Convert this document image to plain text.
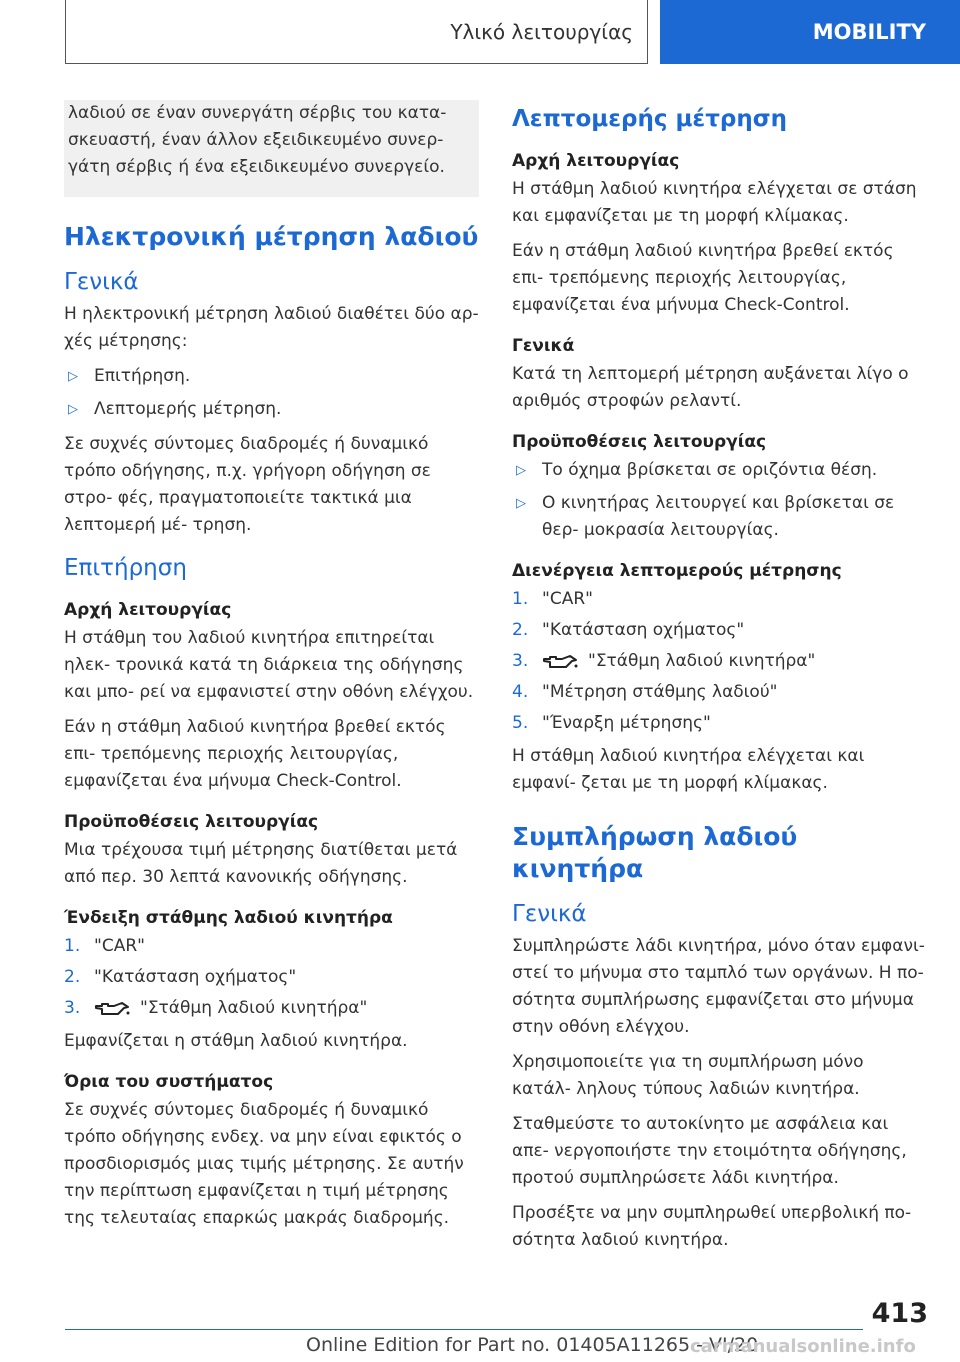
Υλικό λειτουργίας	MOBILITY

λαδιού σε έναν συνεργάτη σέρβις του κατα- σκευαστή, έναν άλλον εξειδικευμένο συνερ- γάτη σέρβις ή ένα εξειδικευμένο συνεργείο.

Ηλεκτρονική μέτρηση λαδιού
Γενικά

Η ηλεκτρονική μέτρηση λαδιού διαθέτει δύο αρ- χές μέτρησης:

▷ Επιτήρηση.
▷ Λεπτομερής μέτρηση.

Σε συχνές σύντομες διαδρομές ή δυναμικό τρόπο οδήγησης, π.χ. γρήγορη οδήγηση σε στρο- φές, πραγματοποιείτε τακτικά μια λεπτομερή μέ- τρηση.

Επιτήρηση
Αρχή λειτουργίας

Η στάθμη του λαδιού κινητήρα επιτηρείται ηλεκ- τρονικά κατά τη διάρκεια της οδήγησης και μπο- ρεί να εμφανιστεί στην οθόνη ελέγχου.

Εάν η στάθμη λαδιού κινητήρα βρεθεί εκτός επι- τρεπόμενης περιοχής λειτουργίας, εμφανίζεται ένα μήνυμα Check-Control.

Προϋποθέσεις λειτουργίας

Μια τρέχουσα τιμή μέτρησης διατίθεται μετά από περ. 30 λεπτά κανονικής οδήγησης.

Ένδειξη στάθμης λαδιού κινητήρα
1. "CAR"
2. "Κατάσταση οχήματος"
3.	"Στάθμη λαδιού κινητήρα"

Εμφανίζεται η στάθμη λαδιού κινητήρα.

Όρια του συστήματος

Σε συχνές σύντομες διαδρομές ή δυναμικό τρόπο οδήγησης ενδεχ. να μην είναι εφικτός ο προσδιορισμός μιας τιμής μέτρησης. Σε αυτήν την περίπτωση εμφανίζεται η τιμή μέτρησης της τελευταίας επαρκώς μακράς διαδρομής.

Λεπτομερής μέτρηση
Αρχή λειτουργίας

Η στάθμη λαδιού κινητήρα ελέγχεται σε στάση και εμφανίζεται με τη μορφή κλίμακας.

Εάν η στάθμη λαδιού κινητήρα βρεθεί εκτός επι- τρεπόμενης περιοχής λειτουργίας, εμφανίζεται ένα μήνυμα Check-Control.

Γενικά

Κατά τη λεπτομερή μέτρηση αυξάνεται λίγο ο αριθμός στροφών ρελαντί.

Προϋποθέσεις λειτουργίας
▷ Το όχημα βρίσκεται σε οριζόντια θέση.
▷ Ο κινητήρας λειτουργεί και βρίσκεται σε θερ- μοκρασία λειτουργίας.
Διενέργεια λεπτομερούς μέτρησης
1. "CAR"
2. "Κατάσταση οχήματος"
3.	"Στάθμη λαδιού κινητήρα"
4. "Μέτρηση στάθμης λαδιού"
5. "Έναρξη μέτρησης"

Η στάθμη λαδιού κινητήρα ελέγχεται και εμφανί- ζεται με τη μορφή κλίμακας.

Συμπλήρωση λαδιού κινητήρα
Γενικά

Συμπληρώστε λάδι κινητήρα, μόνο όταν εμφανι- στεί το μήνυμα στο ταμπλό των οργάνων. Η πο- σότητα συμπλήρωσης εμφανίζεται στο μήνυμα στην οθόνη ελέγχου.

Χρησιμοποιείτε για τη συμπλήρωση μόνο κατάλ- ληλους τύπους λαδιών κινητήρα.

Σταθμεύστε το αυτοκίνητο με ασφάλεια και απε- νεργοποιήστε την ετοιμότητα οδήγησης, προτού συμπληρώσετε λάδι κινητήρα.

Προσέξτε να μην συμπληρωθεί υπερβολική πο- σότητα λαδιού κινητήρα.

413
Online Edition for Part no. 01405A11265 - VI/20
carmanualsonline.info
